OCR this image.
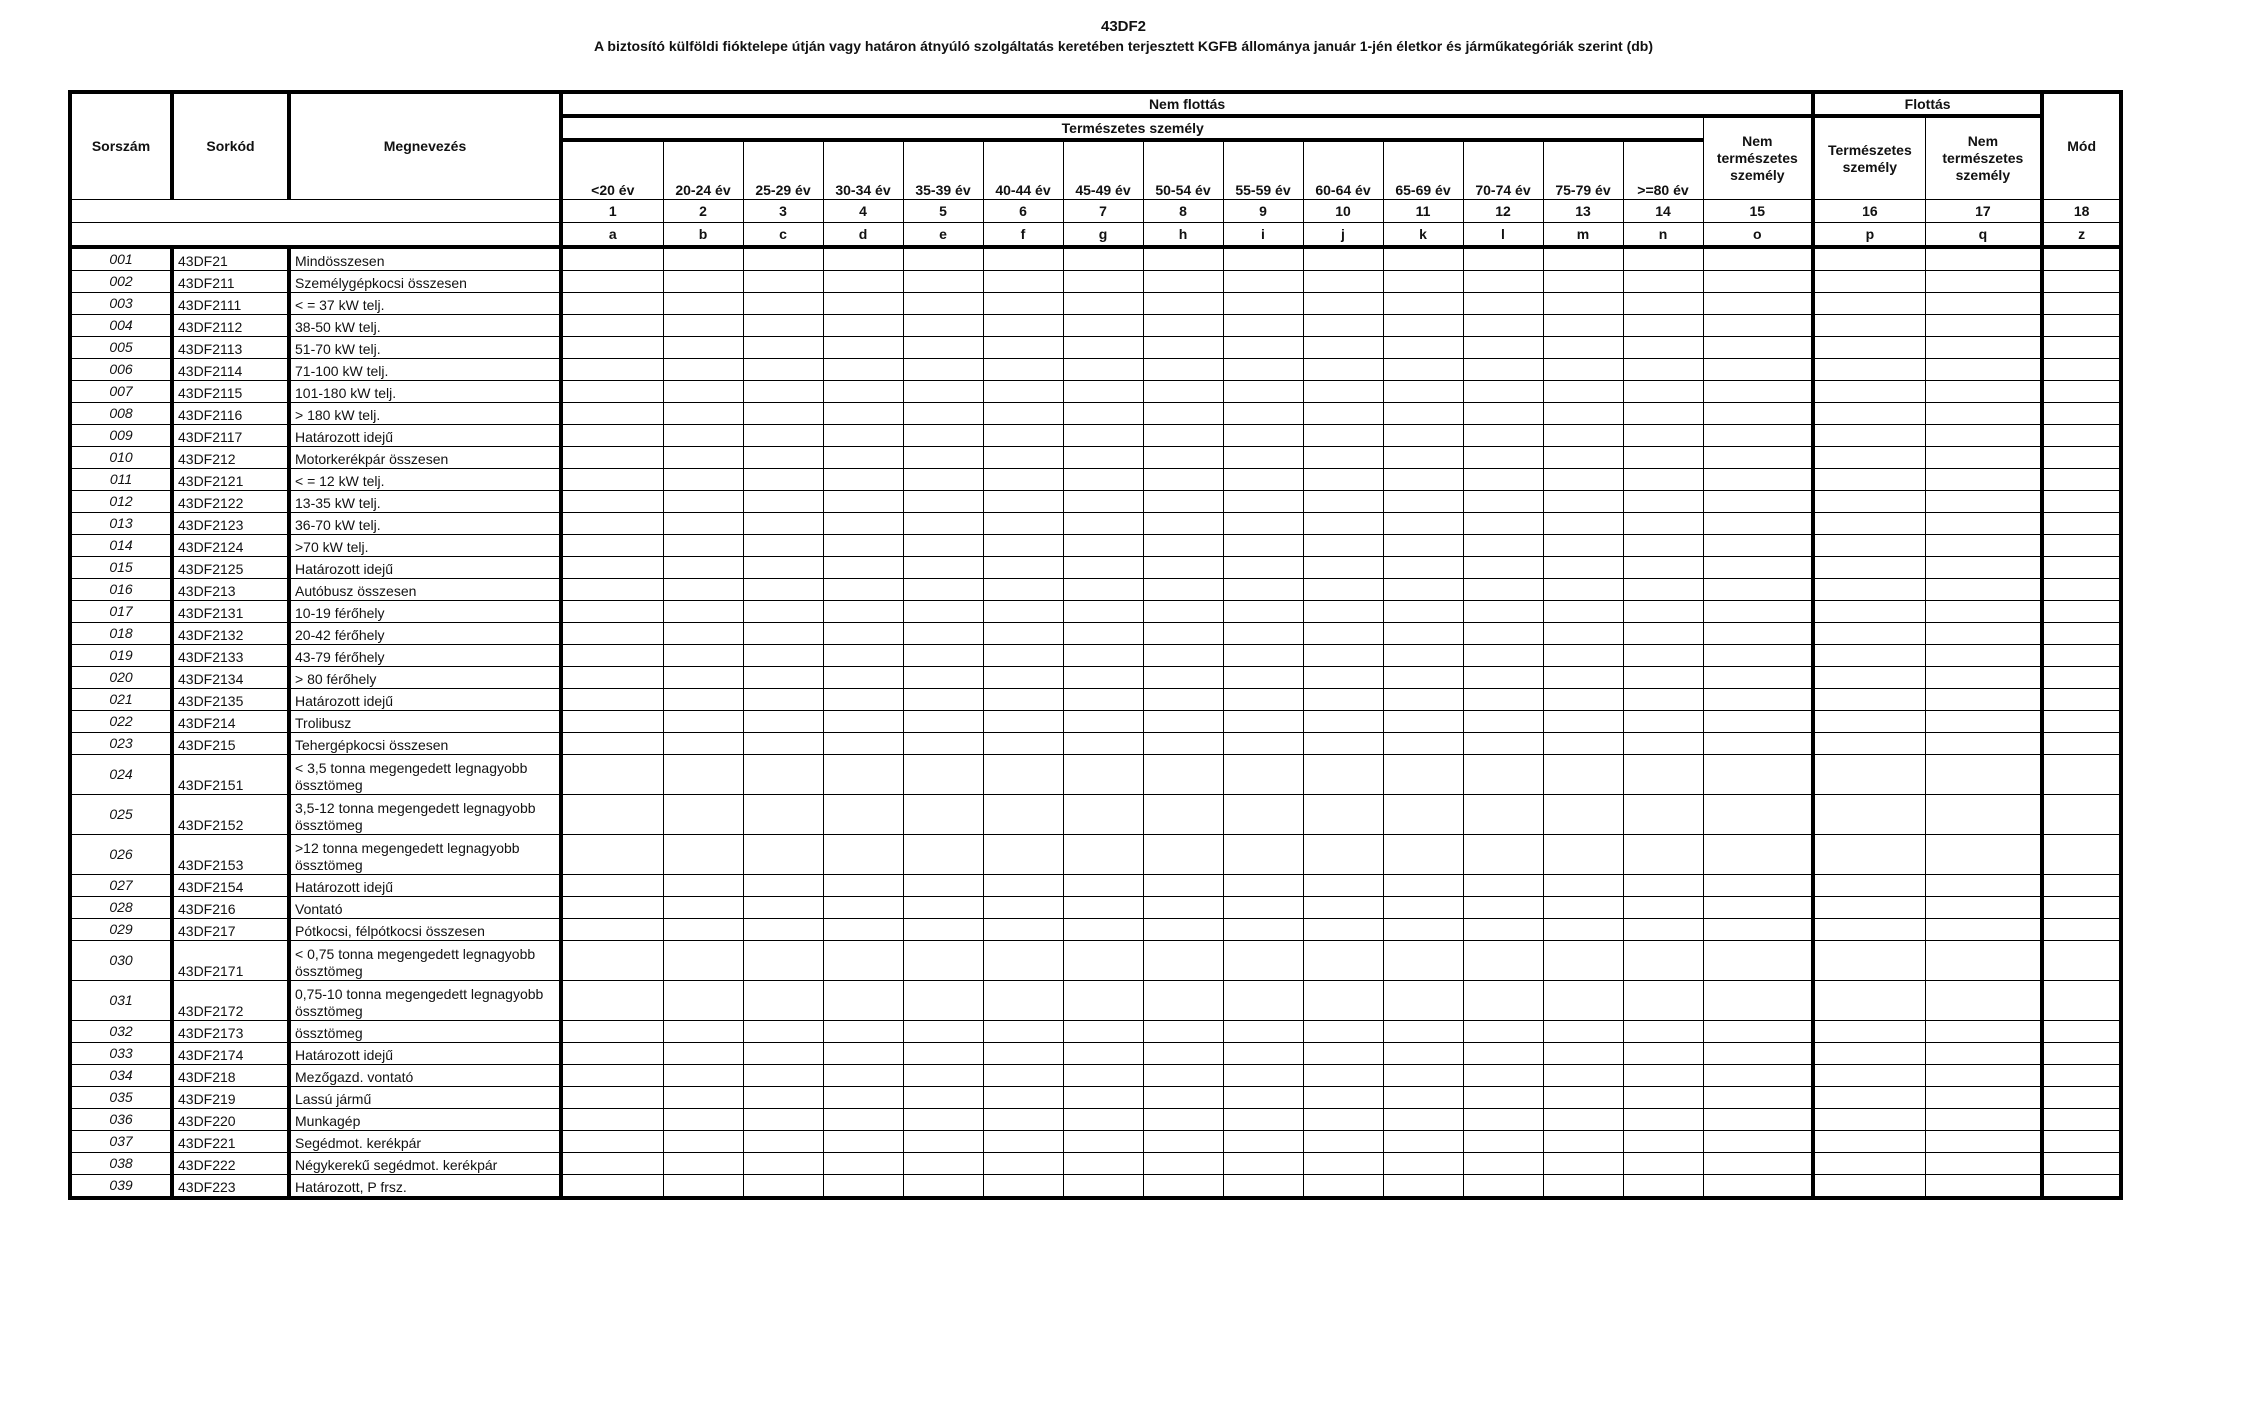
43DF2
A biztosító külföldi fióktelepe útján vagy határon átnyúló szolgáltatás keretében terjesztett KGFB állománya január 1-jén életkor és járműkategóriák szerint (db)
Sorszám	Sorkód	Megnevezés	Nem flottás															Flottás		Mód
			Természetes személy														Nem természetes személy	Természetes személy	Nem természetes személy	
			<20 év	20-24 év	25-29 év	30-34 év	35-39 év	40-44 év	45-49 év	50-54 év	55-59 év	60-64 év	65-69 év	70-74 év	75-79 év	>=80 év				
			1	2	3	4	5	6	7	8	9	10	11	12	13	14	15	16	17	18
			a	b	c	d	e	f	g	h	i	j	k	l	m	n	o	p	q	z
001	43DF21	Mindösszesen																		
002	43DF211	Személygépkocsi összesen																		
003	43DF2111	< = 37 kW telj.																		
004	43DF2112	38-50 kW telj.																		
005	43DF2113	51-70 kW telj.																		
006	43DF2114	71-100 kW telj.																		
007	43DF2115	101-180 kW telj.																		
008	43DF2116	> 180 kW telj.																		
009	43DF2117	Határozott idejű																		
010	43DF212	Motorkerékpár összesen																		
011	43DF2121	< = 12 kW telj.																		
012	43DF2122	13-35 kW telj.																		
013	43DF2123	36-70 kW telj.																		
014	43DF2124	>70 kW telj.																		
015	43DF2125	Határozott idejű																		
016	43DF213	Autóbusz összesen																		
017	43DF2131	10-19 férőhely																		
018	43DF2132	20-42 férőhely																		
019	43DF2133	43-79 férőhely																		
020	43DF2134	> 80 férőhely																		
021	43DF2135	Határozott idejű																		
022	43DF214	Trolibusz																		
023	43DF215	Tehergépkocsi összesen																		
024	43DF2151	< 3,5 tonna megengedett legnagyobb össztömeg																		
025	43DF2152	3,5-12 tonna megengedett legnagyobb össztömeg																		
026	43DF2153	>12 tonna megengedett legnagyobb össztömeg																		
027	43DF2154	Határozott idejű																		
028	43DF216	Vontató																		
029	43DF217	Pótkocsi, félpótkocsi összesen																		
030	43DF2171	< 0,75 tonna megengedett legnagyobb össztömeg																		
031	43DF2172	0,75-10 tonna megengedett legnagyobb össztömeg																		
032	43DF2173	össztömeg																		
033	43DF2174	Határozott idejű																		
034	43DF218	Mezőgazd. vontató																		
035	43DF219	Lassú jármű																		
036	43DF220	Munkagép																		
037	43DF221	Segédmot. kerékpár																		
038	43DF222	Négykerekű segédmot. kerékpár																		
039	43DF223	Határozott, P frsz.																		
